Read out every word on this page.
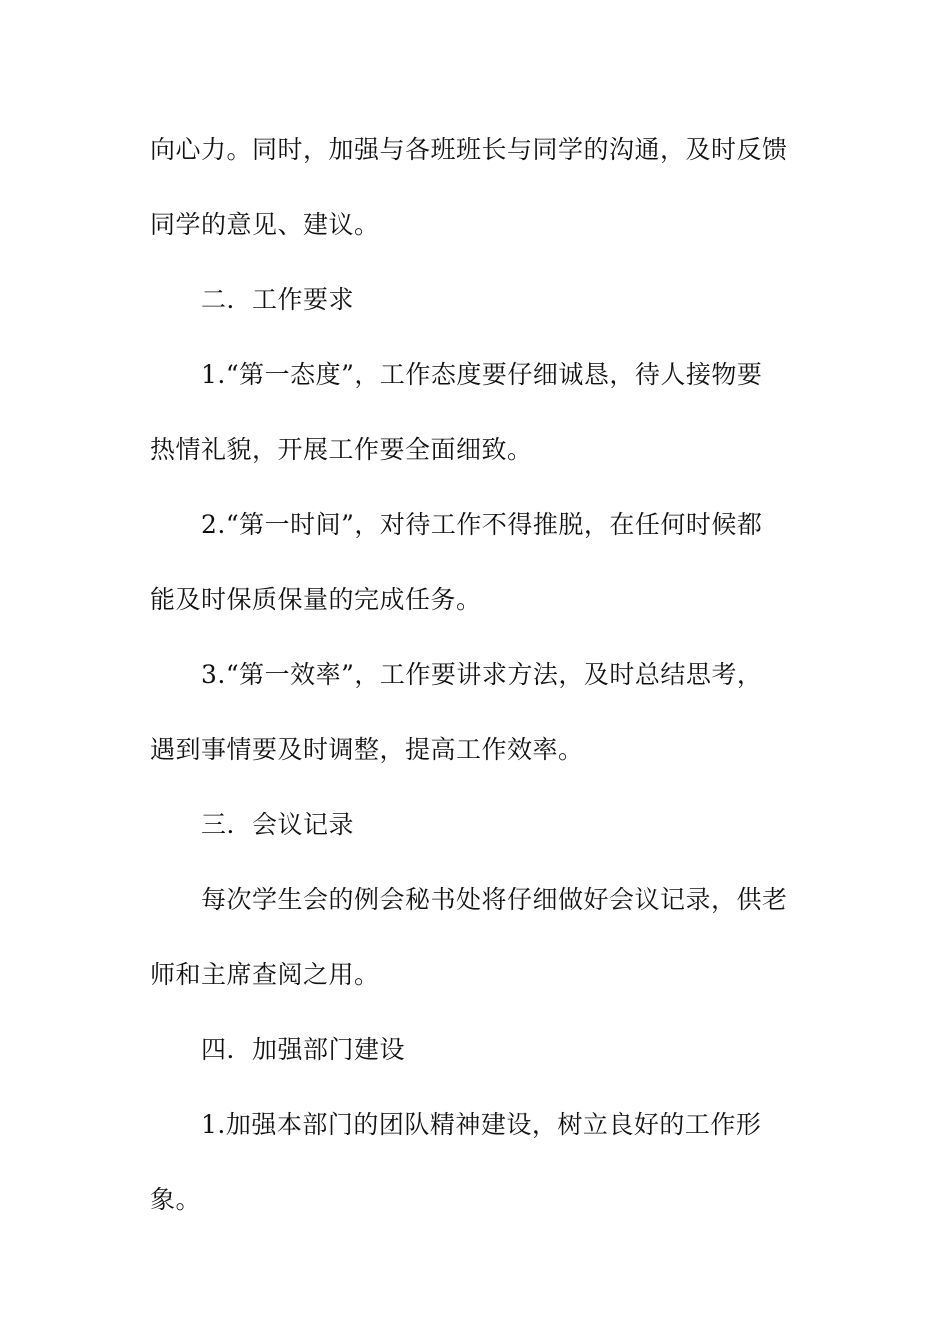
向心力。同时，加强与各班班长与同学的沟通，及时反馈
同学的意见、建议。
二．工作要求
1.“第一态度”，工作态度要仔细诚恳，待人接物要
热情礼貌，开展工作要全面细致。
2.“第一时间”，对待工作不得推脱，在任何时候都
能及时保质保量的完成任务。
3.“第一效率”，工作要讲求方法，及时总结思考，
遇到事情要及时调整，提高工作效率。
三．会议记录
每次学生会的例会秘书处将仔细做好会议记录，供老
师和主席查阅之用。
四．加强部门建设
1.加强本部门的团队精神建设，树立良好的工作形
象。
